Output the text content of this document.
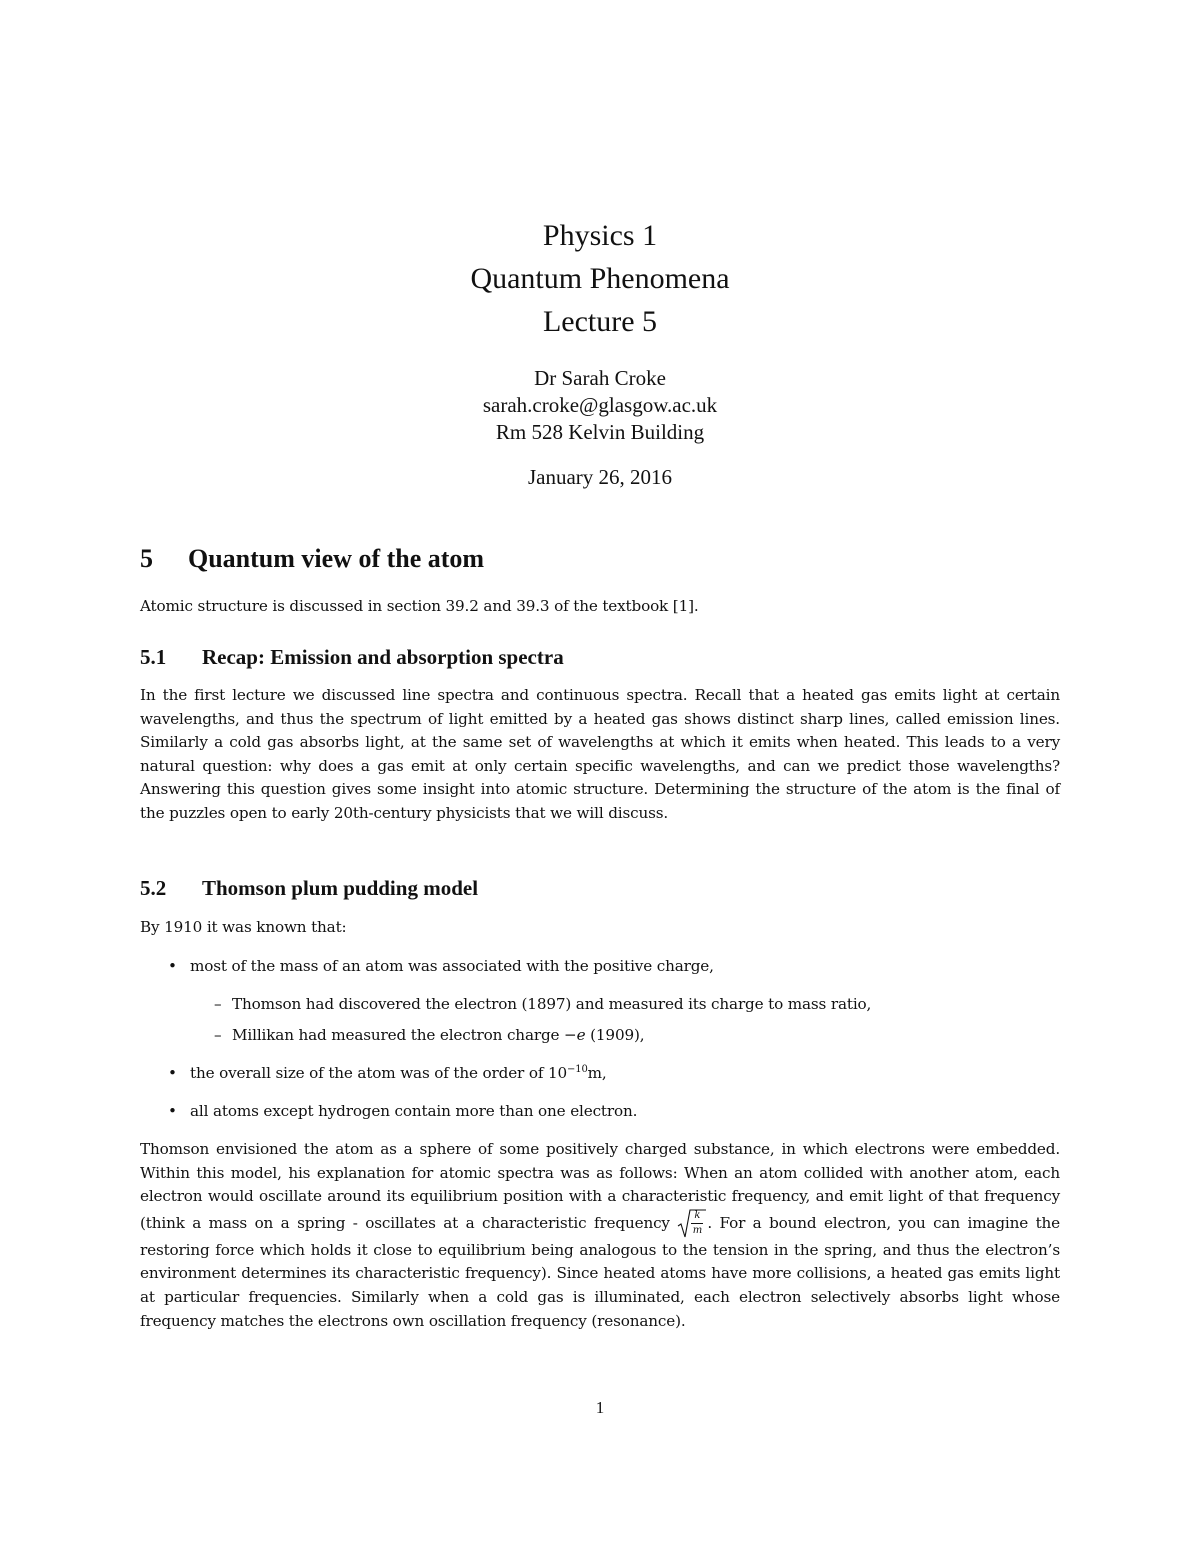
Physics 1
Quantum Phenomena
Lecture 5
Dr Sarah Croke
sarah.croke@glasgow.ac.uk
Rm 528 Kelvin Building
January 26, 2016
5 Quantum view of the atom

Atomic structure is discussed in section 39.2 and 39.3 of the textbook [1].

5.1 Recap: Emission and absorption spectra

In the first lecture we discussed line spectra and continuous spectra. Recall that a heated gas emits light at certain wavelengths, and thus the spectrum of light emitted by a heated gas shows distinct sharp lines, called emission lines. Similarly a cold gas absorbs light, at the same set of wavelengths at which it emits when heated. This leads to a very natural question: why does a gas emit at only certain specific wavelengths, and can we predict those wavelengths? Answering this question gives some insight into atomic structure. Determining the structure of the atom is the final of the puzzles open to early 20th-century physicists that we will discuss.

5.2 Thomson plum pudding model

By 1910 it was known that:

• most of the mass of an atom was associated with the positive charge,
– Thomson had discovered the electron (1897) and measured its charge to mass ratio,
– Millikan had measured the electron charge −e (1909),
• the overall size of the atom was of the order of $10^{-10}m$,
• all atoms except hydrogen contain more than one electron.

Thomson envisioned the atom as a sphere of some positively charged substance, in which electrons were embedded. Within this model, his explanation for atomic spectra was as follows: When an atom collided with another atom, each electron would oscillate around its equilibrium position with a characteristic frequency, and emit light of that frequency (think a mass on a spring - oscillates at a characteristic frequency	k
m . For a bound electron, you can imagine the restoring force which holds it close to equilibrium being analogous to the tension in the spring, and thus the electron’s environment determines its characteristic frequency). Since heated atoms have more collisions, a heated gas emits light at particular frequencies. Similarly when a cold gas is illuminated, each electron selectively absorbs light whose frequency matches the electrons own oscillation frequency (resonance).

1
